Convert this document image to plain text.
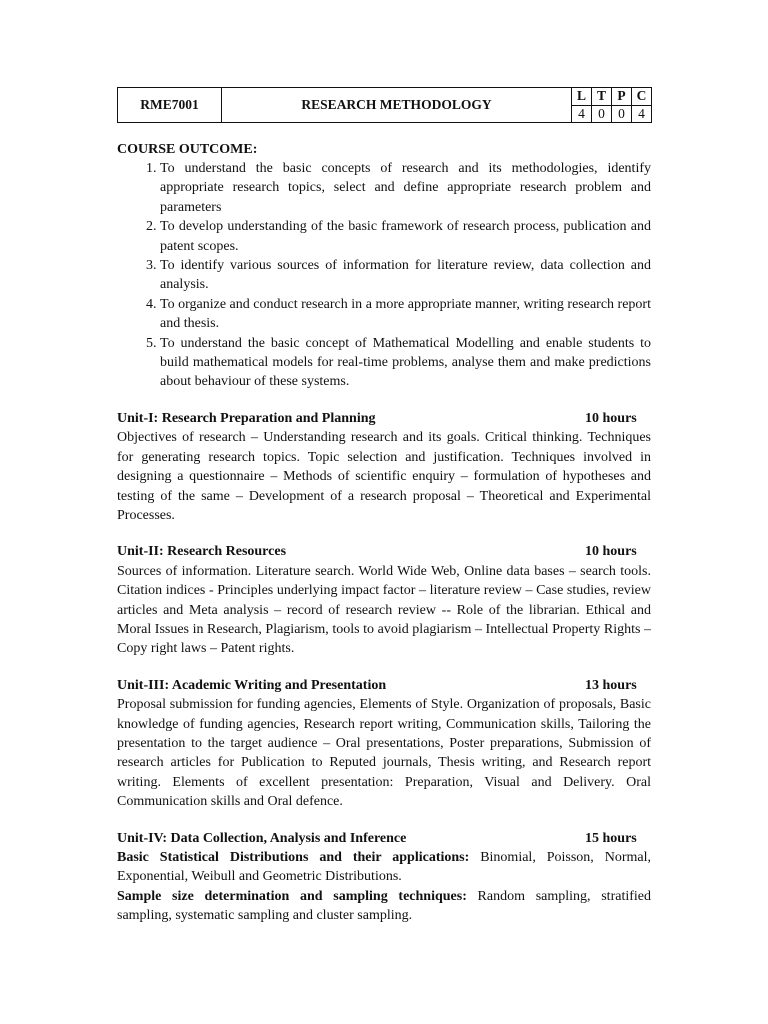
RME7001	RESEARCH METHODOLOGY	L	T	P	C
		4	0	0	4
COURSE OUTCOME:
1. To understand the basic concepts of research and its methodologies, identify appropriate research topics, select and define appropriate research problem and parameters
2. To develop understanding of the basic framework of research process, publication and patent scopes.
3. To identify various sources of information for literature review, data collection and analysis.
4. To organize and conduct research in a more appropriate manner, writing research report and thesis.
5. To understand the basic concept of Mathematical Modelling and enable students to build mathematical models for real-time problems, analyse them and make predictions about behaviour of these systems.
Unit-I: Research Preparation and Planning	10 hours

Objectives of research – Understanding research and its goals. Critical thinking. Techniques for generating research topics. Topic selection and justification. Techniques involved in designing a questionnaire – Methods of scientific enquiry – formulation of hypotheses and testing of the same – Development of a research proposal – Theoretical and Experimental Processes.

Unit-II: Research Resources	10 hours

Sources of information. Literature search. World Wide Web, Online data bases – search tools. Citation indices - Principles underlying impact factor – literature review – Case studies, review articles and Meta analysis – record of research review -- Role of the librarian. Ethical and Moral Issues in Research, Plagiarism, tools to avoid plagiarism – Intellectual Property Rights – Copy right laws – Patent rights.

Unit-III: Academic Writing and Presentation	13 hours

Proposal submission for funding agencies, Elements of Style. Organization of proposals, Basic knowledge of funding agencies, Research report writing, Communication skills, Tailoring the presentation to the target audience – Oral presentations, Poster preparations, Submission of research articles for Publication to Reputed journals, Thesis writing, and Research report writing. Elements of excellent presentation: Preparation, Visual and Delivery. Oral Communication skills and Oral defence.

Unit-IV: Data Collection, Analysis and Inference	15 hours

Basic Statistical Distributions and their applications: Binomial, Poisson, Normal, Exponential, Weibull and Geometric Distributions.

Sample size determination and sampling techniques: Random sampling, stratified sampling, systematic sampling and cluster sampling.
